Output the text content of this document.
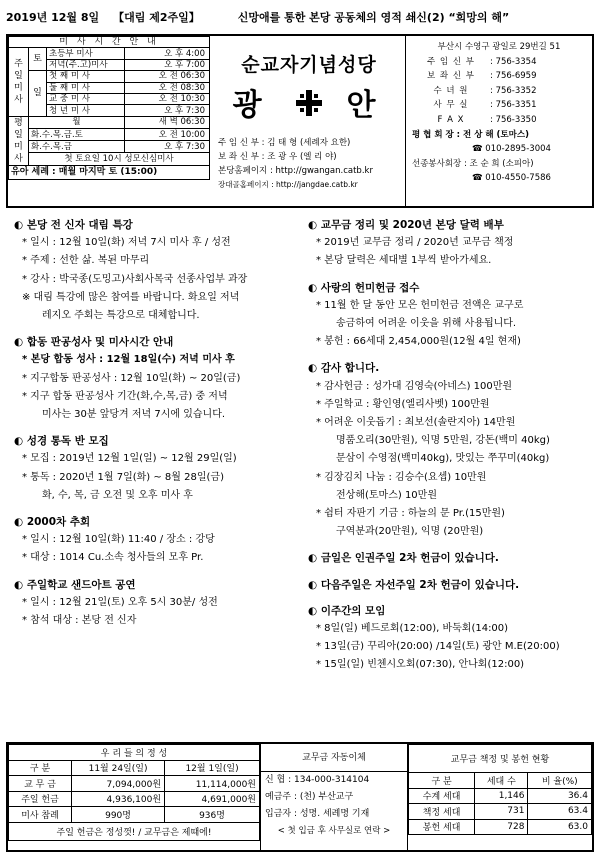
2019년 12월 8일 【대림 제2주일】	신망애를 통한 본당 공동체의 영적 쇄신(2) “희망의 해”
미 사 시 간 안 내			
주 일 미 사	토	초등부 미사	오 후 4:00
		저녁(주.고)미사	오 후 7:00
	일	첫 째 미 사	오 전 06:30
		둘 째 미 사	오 전 08:30
		교 중 미 사	오 전 10:30
		청 년 미 사	오 후 7:30
평 일 미 사	월		새 벽 06:30
	화.수.목.금.토		오 전 10:00
	화.수.목.금		오 후 7:30
	첫 토요일 10시 성모신심미사		
유아 세례 : 매월 마지막 토 (15:00)			
순교자기념성당
광 안
주 임 신 부 : 김 태 형 (세례자 요한)
보 좌 신 부 : 조 광 우 (엘 리 야)
본당홈페이지 : http://gwangan.catb.kr
장대골홈페이지 : http://jangdae.catb.kr
부산시 수영구 광일로 29번길 51
주 임 신 부	: 756-3354
보 좌 신 부	: 756-6959
수 녀 원	: 756-3352
사 무 실	: 756-3351
F A X	: 756-3350
평 협 회 장 : 전 상 해 (토마스)
☎ 010-2895-3004
선종봉사회장 : 조 순 희 (소피아)
☎ 010-4550-7586
◐ 본당 전 신자 대림 특강
* 일시 : 12월 10일(화) 저녁 7시 미사 후 / 성전
* 주제 : 선한 삶. 복된 마무리
* 강사 : 박국종(도밍고)사회사목국 선종사업부 과장
※ 대림 특강에 많은 참여를 바랍니다. 화요일 저녁
레지오 주회는 특강으로 대체합니다.
◐ 합동 판공성사 및 미사시간 안내
* 본당 합동 성사 : 12월 18일(수) 저녁 미사 후
* 지구합동 판공성사 : 12월 10일(화) ~ 20일(금)
* 지구 합동 판공성사 기간(화,수,목,금) 중 저녁
미사는 30분 앞당겨 저녁 7시에 있습니다.
◐ 성경 통독 반 모집
* 모집 : 2019년 12월 1일(일) ~ 12월 29일(일)
* 통독 : 2020년 1월 7일(화) ~ 8월 28일(금)
화, 수, 목, 금 오전 및 오후 미사 후
◐ 2000차 추회
* 일시 : 12월 10일(화) 11:40 / 장소 : 강당
* 대상 : 1014 Cu.소속 청사들의 모후 Pr.
◐ 주일학교 샌드아트 공연
* 일시 : 12월 21일(토) 오후 5시 30분/ 성전
* 참석 대상 : 본당 전 신자
◐ 교무금 정리 및 2020년 본당 달력 배부
* 2019년 교무금 정리 / 2020년 교무금 책정
* 본당 달력은 세대별 1부씩 받아가세요.
◐ 사랑의 헌미헌금 접수
* 11월 한 달 동안 모은 헌미헌금 전액은 교구로
송금하여 어려운 이웃을 위해 사용됩니다.
* 봉헌 : 66세대 2,454,000원(12월 4일 현재)
◐ 감사 합니다.
* 감사헌금 : 성가대 김영숙(아네스) 100만원
* 주일학교 : 황인영(엘리사벳) 100만원
* 어려운 이웃돕기 : 최보선(솔란지아) 14만원
명품오리(30만원), 익명 5만원, 강돈(백미 40kg)
문삼이 수영점(백미40kg), 맛있는 쭈꾸미(40kg)
* 김장김치 나눔 : 김승수(요셉) 10만원
전상해(토마스) 10만원
* 쉼터 자판기 기금 : 하늘의 문 Pr.(15만원)
구역분과(20만원), 익명 (20만원)
◐ 금일은 인권주일 2차 헌금이 있습니다.
◐ 다음주일은 자선주일 2차 헌금이 있습니다.
◐ 이주간의 모임
* 8일(일) 베드로회(12:00), 바둑회(14:00)
* 13일(금) 꾸리아(20:00) /14일(토) 광안 M.E(20:00)
* 15일(일) 빈첸시오회(07:30), 안나회(12:00)
우 리 들 의 정 성		
구 분	11월 24일(일)	12월 1일(일)
교 무 금	7,094,000원	11,114,000원
주일 헌금	4,936,100원	4,691,000원
미사 참례	990명	936명
주일 헌금은 정성껏! / 교무금은 제때에!		
교무금 자동이체
신 협 : 134-000-314104
예금주 : (천) 부산교구
입금자 : 성명. 세례명 기재
< 첫 입금 후 사무실로 연락 >
교무금 책정 및 봉헌 현황		
구 분	세대 수	비 율(%)
수계 세대	1,146	36.4
책정 세대	731	63.4
봉헌 세대	728	63.0
